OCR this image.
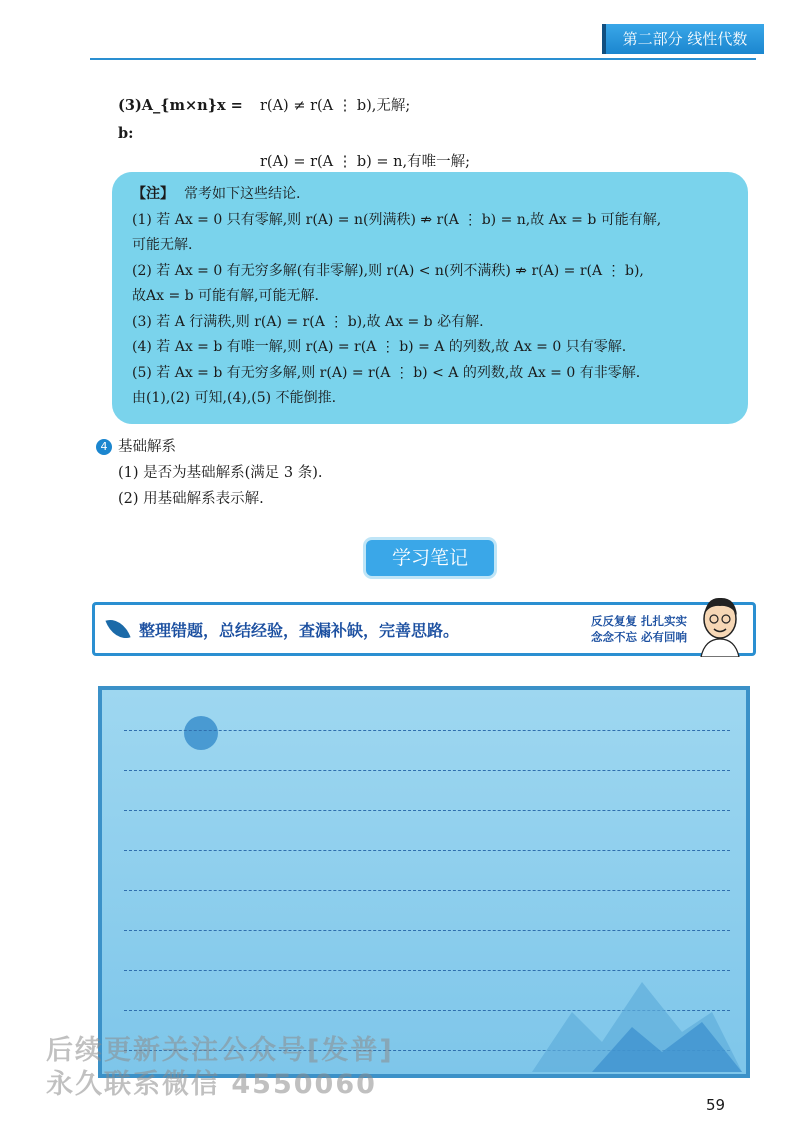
第二部分 线性代数
(3)A_{m×n}x = b:
r(A) ≠ r(A ⋮ b),无解;
r(A) = r(A ⋮ b) = n,有唯一解;

【注】 常考如下这些结论.

(1) 若 Ax = 0 只有零解,则 r(A) = n(列满秩) ⇏ r(A ⋮ b) = n,故 Ax = b 可能有解,

可能无解.

(2) 若 Ax = 0 有无穷多解(有非零解),则 r(A) < n(列不满秩) ⇏ r(A) = r(A ⋮ b),

故Ax = b 可能有解,可能无解.

(3) 若 A 行满秩,则 r(A) = r(A ⋮ b),故 Ax = b 必有解.

(4) 若 Ax = b 有唯一解,则 r(A) = r(A ⋮ b) = A 的列数,故 Ax = 0 只有零解.

(5) 若 Ax = b 有无穷多解,则 r(A) = r(A ⋮ b) < A 的列数,故 Ax = 0 有非零解.

由(1),(2) 可知,(4),(5) 不能倒推.

4 基础解系
(1) 是否为基础解系(满足 3 条).
(2) 用基础解系表示解.
学习笔记
整理错题，总结经验，查漏补缺，完善思路。	反反复复 扎扎实实
念念不忘 必有回响
59
后续更新关注公众号[发普]
永久联系微信 4550060
